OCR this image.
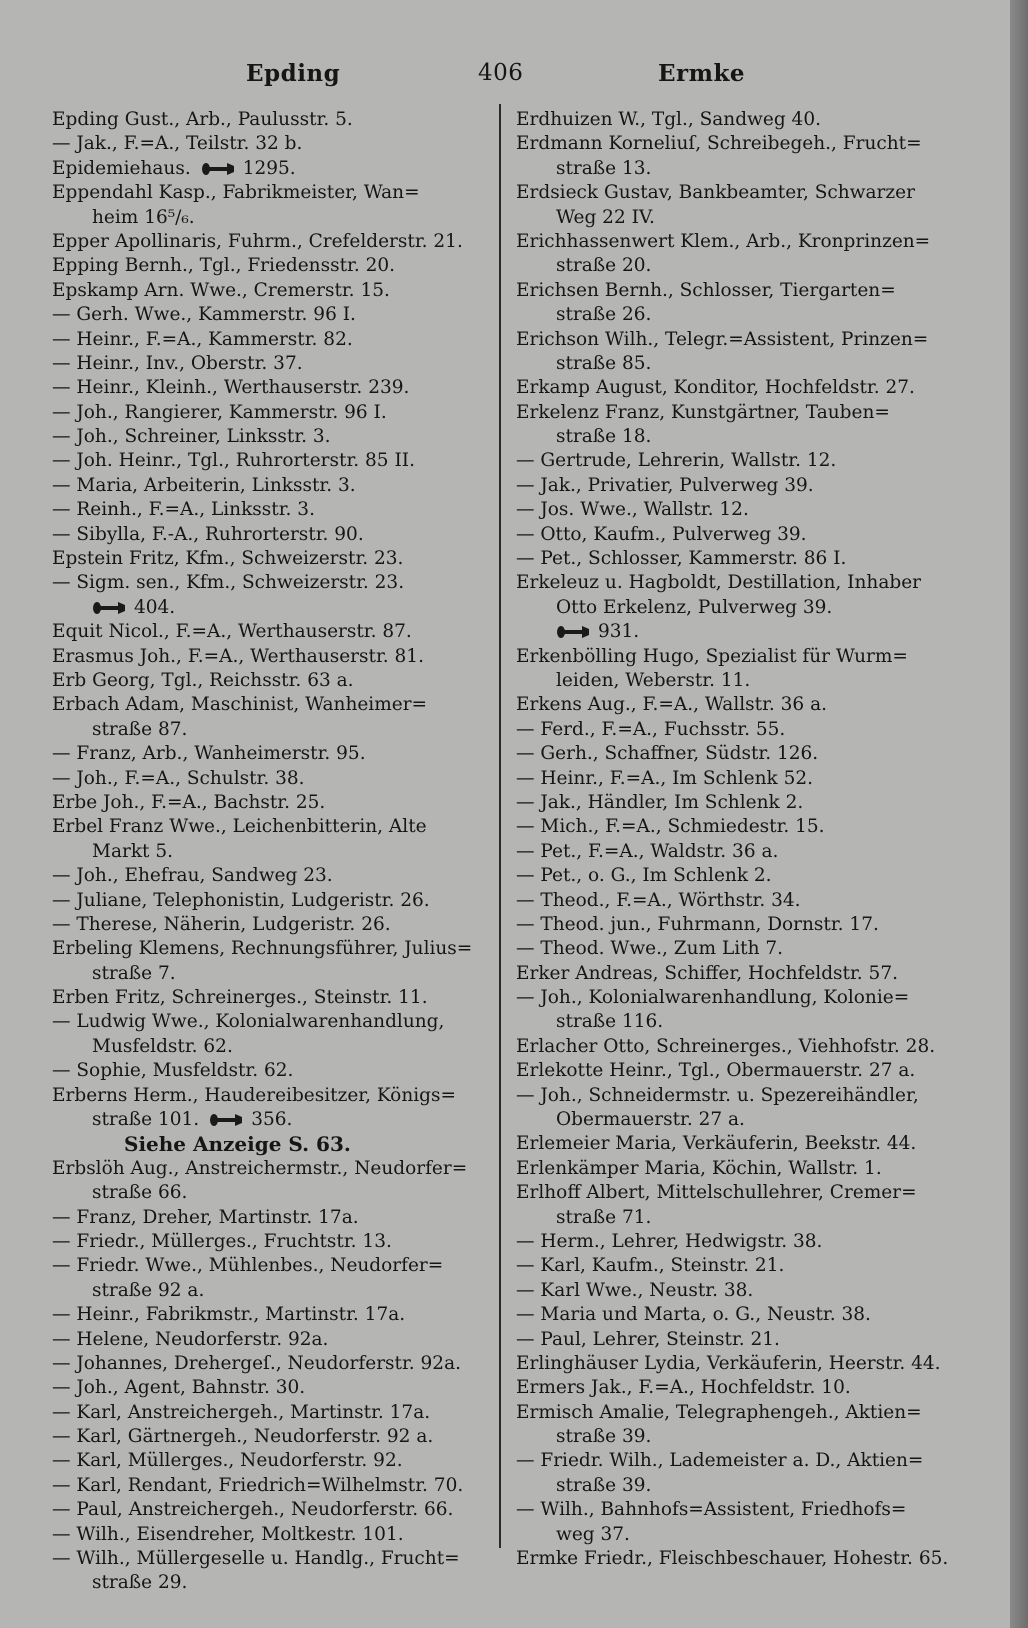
Epding	406	Ermke
Epding Gust., Arb., Paulusstr. 5.
— Jak., F.=A., Teilstr. 32 b.
Epidemiehaus.	1295.
Eppendahl Kasp., Fabrikmeister, Wan=
heim 16⁵/₆.
Epper Apollinaris, Fuhrm., Crefelderstr. 21.
Epping Bernh., Tgl., Friedensstr. 20.
Epskamp Arn. Wwe., Cremerstr. 15.
— Gerh. Wwe., Kammerstr. 96 I.
— Heinr., F.=A., Kammerstr. 82.
— Heinr., Inv., Oberstr. 37.
— Heinr., Kleinh., Werthauserstr. 239.
— Joh., Rangierer, Kammerstr. 96 I.
— Joh., Schreiner, Linksstr. 3.
— Joh. Heinr., Tgl., Ruhrorterstr. 85 II.
— Maria, Arbeiterin, Linksstr. 3.
— Reinh., F.=A., Linksstr. 3.
— Sibylla, F.-A., Ruhrorterstr. 90.
Epstein Fritz, Kfm., Schweizerstr. 23.
— Sigm. sen., Kfm., Schweizerstr. 23.
404.
Equit Nicol., F.=A., Werthauserstr. 87.
Erasmus Joh., F.=A., Werthauserstr. 81.
Erb Georg, Tgl., Reichsstr. 63 a.
Erbach Adam, Maschinist, Wanheimer=
straße 87.
— Franz, Arb., Wanheimerstr. 95.
— Joh., F.=A., Schulstr. 38.
Erbe Joh., F.=A., Bachstr. 25.
Erbel Franz Wwe., Leichenbitterin, Alte
Markt 5.
— Joh., Ehefrau, Sandweg 23.
— Juliane, Telephonistin, Ludgeristr. 26.
— Therese, Näherin, Ludgeristr. 26.
Erbeling Klemens, Rechnungsführer, Julius=
straße 7.
Erben Fritz, Schreinerges., Steinstr. 11.
— Ludwig Wwe., Kolonialwarenhandlung,
Musfeldstr. 62.
— Sophie, Musfeldstr. 62.
Erberns Herm., Haudereibesitzer, Königs=
straße 101.	356.
Siehe Anzeige S. 63.
Erbslöh Aug., Anstreichermstr., Neudorfer=
straße 66.
— Franz, Dreher, Martinstr. 17a.
— Friedr., Müllerges., Fruchtstr. 13.
— Friedr. Wwe., Mühlenbes., Neudorfer=
straße 92 a.
— Heinr., Fabrikmstr., Martinstr. 17a.
— Helene, Neudorferstr. 92a.
— Johannes, Drehergeſ., Neudorferstr. 92a.
— Joh., Agent, Bahnstr. 30.
— Karl, Anstreichergeh., Martinstr. 17a.
— Karl, Gärtnergeh., Neudorferstr. 92 a.
— Karl, Müllerges., Neudorferstr. 92.
— Karl, Rendant, Friedrich=Wilhelmstr. 70.
— Paul, Anstreichergeh., Neudorferstr. 66.
— Wilh., Eisendreher, Moltkestr. 101.
— Wilh., Müllergeselle u. Handlg., Frucht=
straße 29.
Erdhuizen W., Tgl., Sandweg 40.
Erdmann Korneliuſ, Schreibegeh., Frucht=
straße 13.
Erdsieck Gustav, Bankbeamter, Schwarzer
Weg 22 IV.
Erichhassenwert Klem., Arb., Kronprinzen=
straße 20.
Erichsen Bernh., Schlosser, Tiergarten=
straße 26.
Erichson Wilh., Telegr.=Assistent, Prinzen=
straße 85.
Erkamp August, Konditor, Hochfeldstr. 27.
Erkelenz Franz, Kunstgärtner, Tauben=
straße 18.
— Gertrude, Lehrerin, Wallstr. 12.
— Jak., Privatier, Pulverweg 39.
— Jos. Wwe., Wallstr. 12.
— Otto, Kaufm., Pulverweg 39.
— Pet., Schlosser, Kammerstr. 86 I.
Erkeleuz u. Hagboldt, Destillation, Inhaber
Otto Erkelenz, Pulverweg 39.
931.
Erkenbölling Hugo, Spezialist für Wurm=
leiden, Weberstr. 11.
Erkens Aug., F.=A., Wallstr. 36 a.
— Ferd., F.=A., Fuchsstr. 55.
— Gerh., Schaffner, Südstr. 126.
— Heinr., F.=A., Im Schlenk 52.
— Jak., Händler, Im Schlenk 2.
— Mich., F.=A., Schmiedestr. 15.
— Pet., F.=A., Waldstr. 36 a.
— Pet., o. G., Im Schlenk 2.
— Theod., F.=A., Wörthstr. 34.
— Theod. jun., Fuhrmann, Dornstr. 17.
— Theod. Wwe., Zum Lith 7.
Erker Andreas, Schiffer, Hochfeldstr. 57.
— Joh., Kolonialwarenhandlung, Kolonie=
straße 116.
Erlacher Otto, Schreinerges., Viehhofstr. 28.
Erlekotte Heinr., Tgl., Obermauerstr. 27 a.
— Joh., Schneidermstr. u. Spezereihändler,
Obermauerstr. 27 a.
Erlemeier Maria, Verkäuferin, Beekstr. 44.
Erlenkämper Maria, Köchin, Wallstr. 1.
Erlhoff Albert, Mittelschullehrer, Cremer=
straße 71.
— Herm., Lehrer, Hedwigstr. 38.
— Karl, Kaufm., Steinstr. 21.
— Karl Wwe., Neustr. 38.
— Maria und Marta, o. G., Neustr. 38.
— Paul, Lehrer, Steinstr. 21.
Erlinghäuser Lydia, Verkäuferin, Heerstr. 44.
Ermers Jak., F.=A., Hochfeldstr. 10.
Ermisch Amalie, Telegraphengeh., Aktien=
straße 39.
— Friedr. Wilh., Lademeister a. D., Aktien=
straße 39.
— Wilh., Bahnhofs=Assistent, Friedhofs=
weg 37.
Ermke Friedr., Fleischbeschauer, Hohestr. 65.
